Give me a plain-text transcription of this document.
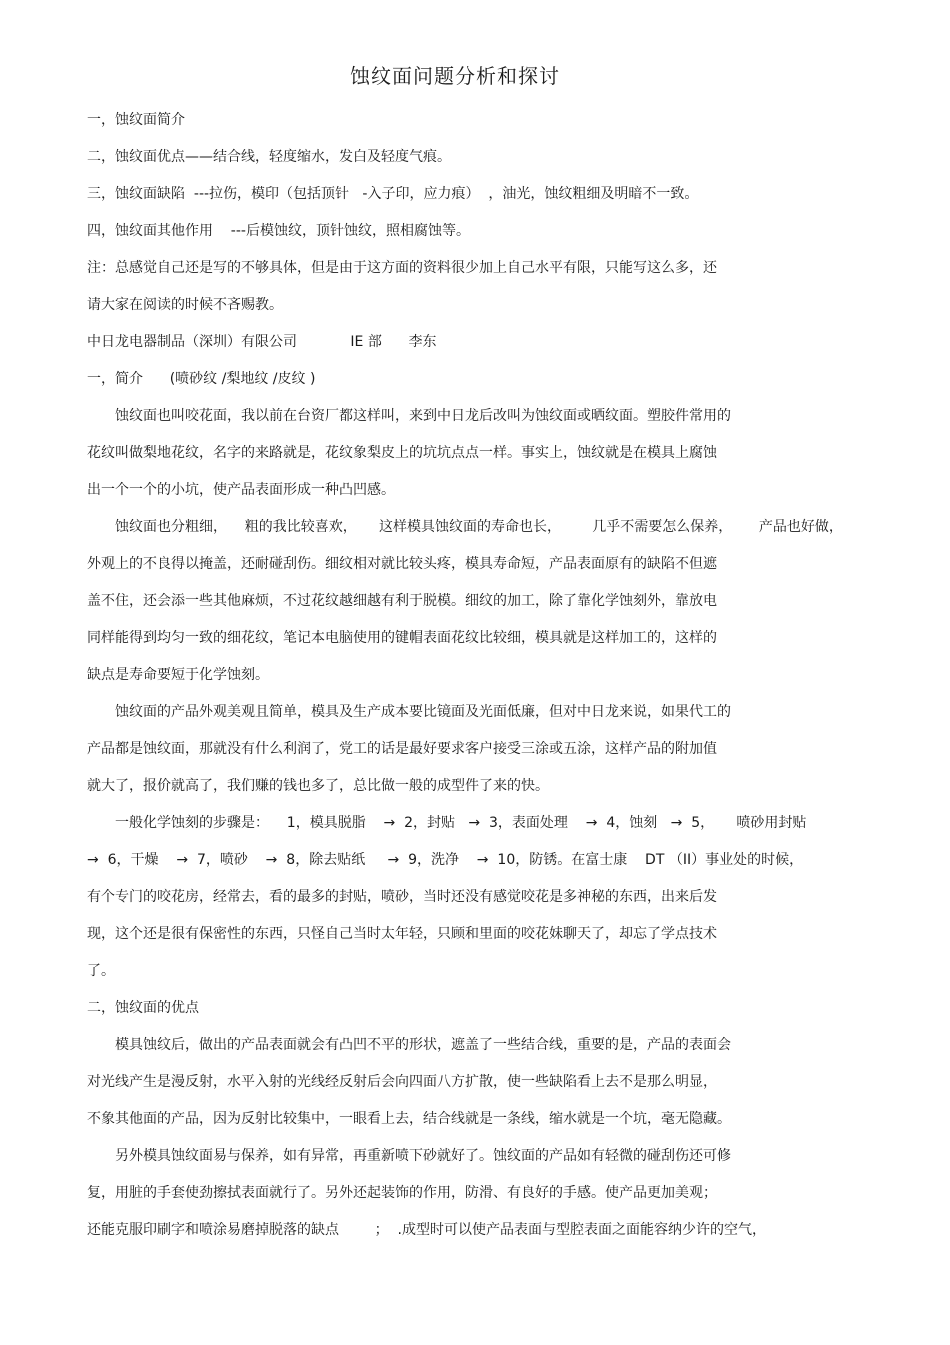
蚀纹面问题分析和探讨
一，蚀纹面简介
二，蚀纹面优点——结合线，轻度缩水，发白及轻度气痕。
三，蚀纹面缺陷  ---拉伤，模印（包括顶针   -入子印，应力痕）  ，油光，蚀纹粗细及明暗不一致。
四，蚀纹面其他作用    ---后模蚀纹，顶针蚀纹，照相腐蚀等。
注：总感觉自己还是写的不够具体，但是由于这方面的资料很少加上自己水平有限，只能写这么多，还
请大家在阅读的时候不吝赐教。
中日龙电器制品（深圳）有限公司            IE 部      李东
一，简介      (喷砂纹 /梨地纹 /皮纹 )
蚀纹面也叫咬花面，我以前在台资厂都这样叫，来到中日龙后改叫为蚀纹面或晒纹面。塑胶件常用的
花纹叫做梨地花纹，名字的来路就是，花纹象梨皮上的坑坑点点一样。事实上，蚀纹就是在模具上腐蚀
出一个一个的小坑，使产品表面形成一种凸凹感。
蚀纹面也分粗细，    粗的我比较喜欢，     这样模具蚀纹面的寿命也长，       几乎不需要怎么保养，      产品也好做，
外观上的不良得以掩盖，还耐碰刮伤。细纹相对就比较头疼，模具寿命短，产品表面原有的缺陷不但遮
盖不住，还会添一些其他麻烦，不过花纹越细越有利于脱模。细纹的加工，除了靠化学蚀刻外，靠放电
同样能得到均匀一致的细花纹，笔记本电脑使用的键帽表面花纹比较细，模具就是这样加工的，这样的
缺点是寿命要短于化学蚀刻。
蚀纹面的产品外观美观且简单，模具及生产成本要比镜面及光面低廉，但对中日龙来说，如果代工的
产品都是蚀纹面，那就没有什么利润了，党工的话是最好要求客户接受三涂或五涂，这样产品的附加值
就大了，报价就高了，我们赚的钱也多了，总比做一般的成型件了来的快。
一般化学蚀刻的步骤是：    1，模具脱脂    →  2，封贴   →  3，表面处理    →  4，蚀刻   →  5，     喷砂用封贴
→  6，干燥    →  7，喷砂    →  8，除去贴纸     →  9，洗净    →  10，防锈。在富士康    DT （II）事业处的时候，
有个专门的咬花房，经常去，看的最多的封贴，喷砂，当时还没有感觉咬花是多神秘的东西，出来后发
现，这个还是很有保密性的东西，只怪自己当时太年轻，只顾和里面的咬花妹聊天了，却忘了学点技术
了。
二，蚀纹面的优点
模具蚀纹后，做出的产品表面就会有凸凹不平的形状，遮盖了一些结合线，重要的是，产品的表面会
对光线产生是漫反射，水平入射的光线经反射后会向四面八方扩散，使一些缺陷看上去不是那么明显，
不象其他面的产品，因为反射比较集中，一眼看上去，结合线就是一条线，缩水就是一个坑，毫无隐藏。
另外模具蚀纹面易与保养，如有异常，再重新喷下砂就好了。蚀纹面的产品如有轻微的碰刮伤还可修
复，用脏的手套使劲擦拭表面就行了。另外还起装饰的作用，防滑、有良好的手感。使产品更加美观；
还能克服印刷字和喷涂易磨掉脱落的缺点        ；  .成型时可以使产品表面与型腔表面之面能容纳少许的空气，
